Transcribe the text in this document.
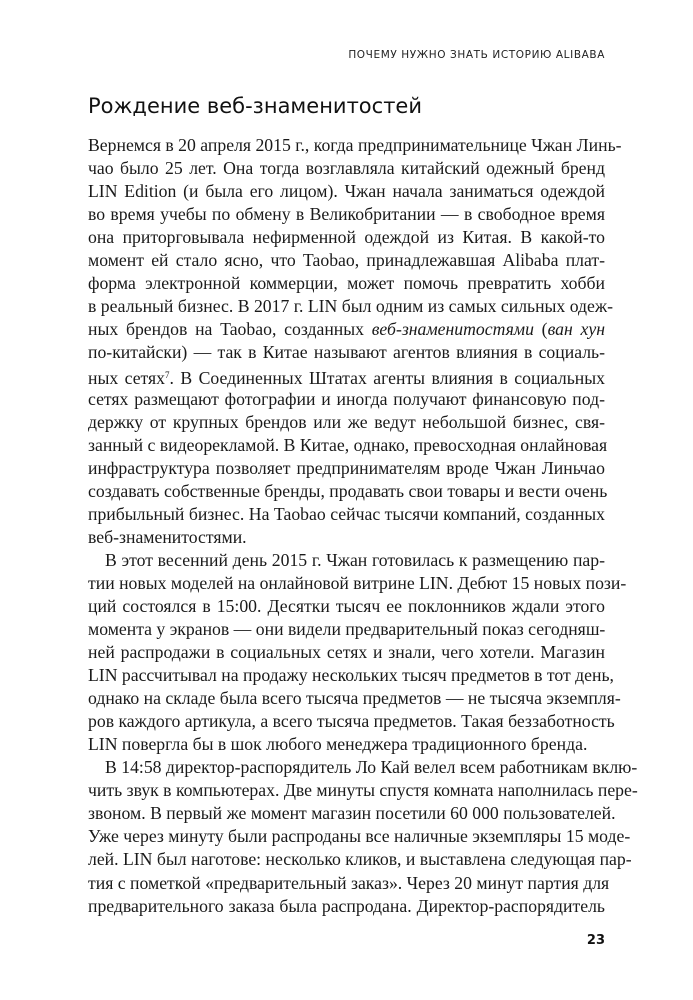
ПОЧЕМУ НУЖНО ЗНАТЬ ИСТОРИЮ ALIBABA
Рождение веб-знаменитостей
Вернемся в 20 апреля 2015 г., когда предпринимательнице Чжан Линь-
чао было 25 лет. Она тогда возглавляла китайский одежный бренд
LIN Edition (и была его лицом). Чжан начала заниматься одеждой
во время учебы по обмену в Великобритании — в свободное время
она приторговывала нефирменной одеждой из Китая. В какой-то
момент ей стало ясно, что Taobao, принадлежавшая Alibaba плат-
форма электронной коммерции, может помочь превратить хобби
в реальный бизнес. В 2017 г. LIN был одним из самых сильных одеж-
ных брендов на Taobao, созданных веб-знаменитостями (ван хун
по-китайски) — так в Китае называют агентов влияния в социаль-
ных сетях$^7$. В Соединенных Штатах агенты влияния в социальных
сетях размещают фотографии и иногда получают финансовую под-
держку от крупных брендов или же ведут небольшой бизнес, свя-
занный с видеорекламой. В Китае, однако, превосходная онлайновая
инфраструктура позволяет предпринимателям вроде Чжан Линьчао
создавать собственные бренды, продавать свои товары и вести очень
прибыльный бизнес. На Taobao сейчас тысячи компаний, созданных
веб-знаменитостями.
В этот весенний день 2015 г. Чжан готовилась к размещению пар-
тии новых моделей на онлайновой витрине LIN. Дебют 15 новых пози-
ций состоялся в 15:00. Десятки тысяч ее поклонников ждали этого
момента у экранов — они видели предварительный показ сегодняш-
ней распродажи в социальных сетях и знали, чего хотели. Магазин
LIN рассчитывал на продажу нескольких тысяч предметов в тот день,
однако на складе была всего тысяча предметов — не тысяча экземпля-
ров каждого артикула, а всего тысяча предметов. Такая беззаботность
LIN повергла бы в шок любого менеджера традиционного бренда.
В 14:58 директор-распорядитель Ло Кай велел всем работникам вклю-
чить звук в компьютерах. Две минуты спустя комната наполнилась пере-
звоном. В первый же момент магазин посетили 60 000 пользователей.
Уже через минуту были распроданы все наличные экземпляры 15 моде-
лей. LIN был наготове: несколько кликов, и выставлена следующая пар-
тия с пометкой «предварительный заказ». Через 20 минут партия для
предварительного заказа была распродана. Директор-распорядитель
23
